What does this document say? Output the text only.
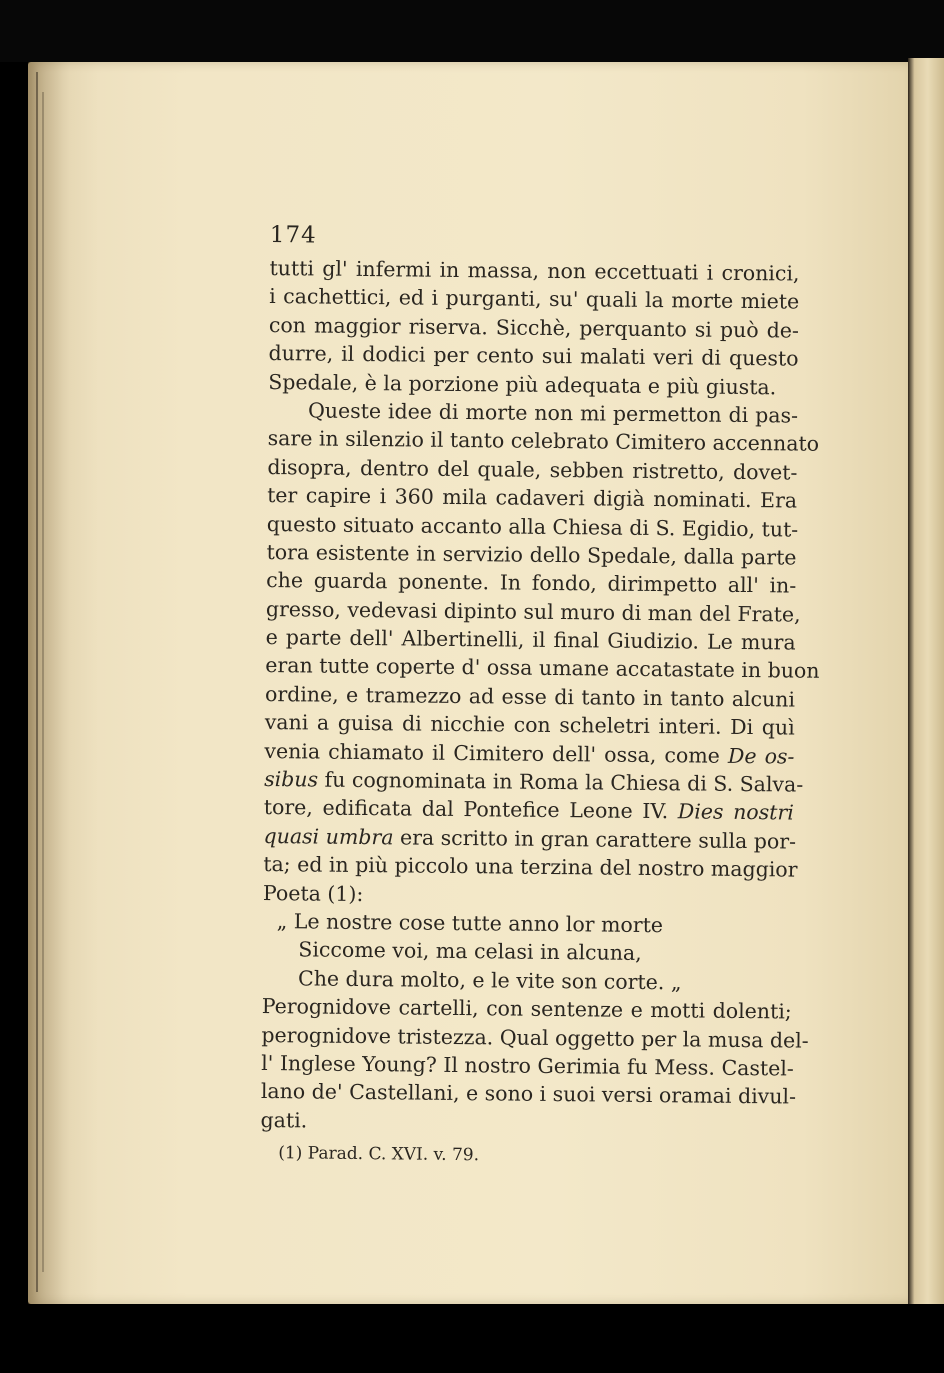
174
tutti gl' infermi in massa, non eccettuati i cronici,
i cachettici, ed i purganti, su' quali la morte miete
con maggior riserva. Sicchè, perquanto si può de-
durre, il dodici per cento sui malati veri di questo
Spedale, è la porzione più adequata e più giusta.
Queste idee di morte non mi permetton di pas-
sare in silenzio il tanto celebrato Cimitero accennato
disopra, dentro del quale, sebben ristretto, dovet-
ter capire i 360 mila cadaveri digià nominati. Era
questo situato accanto alla Chiesa di S. Egidio, tut-
tora esistente in servizio dello Spedale, dalla parte
che guarda ponente. In fondo, dirimpetto all' in-
gresso, vedevasi dipinto sul muro di man del Frate,
e parte dell' Albertinelli, il final Giudizio. Le mura
eran tutte coperte d' ossa umane accatastate in buon
ordine, e tramezzo ad esse di tanto in tanto alcuni
vani a guisa di nicchie con scheletri interi. Di quì
venia chiamato il Cimitero dell' ossa, come De os-
sibus fu cognominata in Roma la Chiesa di S. Salva-
tore, edificata dal Pontefice Leone IV. Dies nostri
quasi umbra era scritto in gran carattere sulla por-
ta; ed in più piccolo una terzina del nostro maggior
Poeta (1):
„ Le nostre cose tutte anno lor morte
Siccome voi, ma celasi in alcuna,
Che dura molto, e le vite son corte. „
Perognidove cartelli, con sentenze e motti dolenti;
perognidove tristezza. Qual oggetto per la musa del-
l' Inglese Young? Il nostro Gerimia fu Mess. Castel-
lano de' Castellani, e sono i suoi versi oramai divul-
gati.
(1) Parad. C. XVI. v. 79.
